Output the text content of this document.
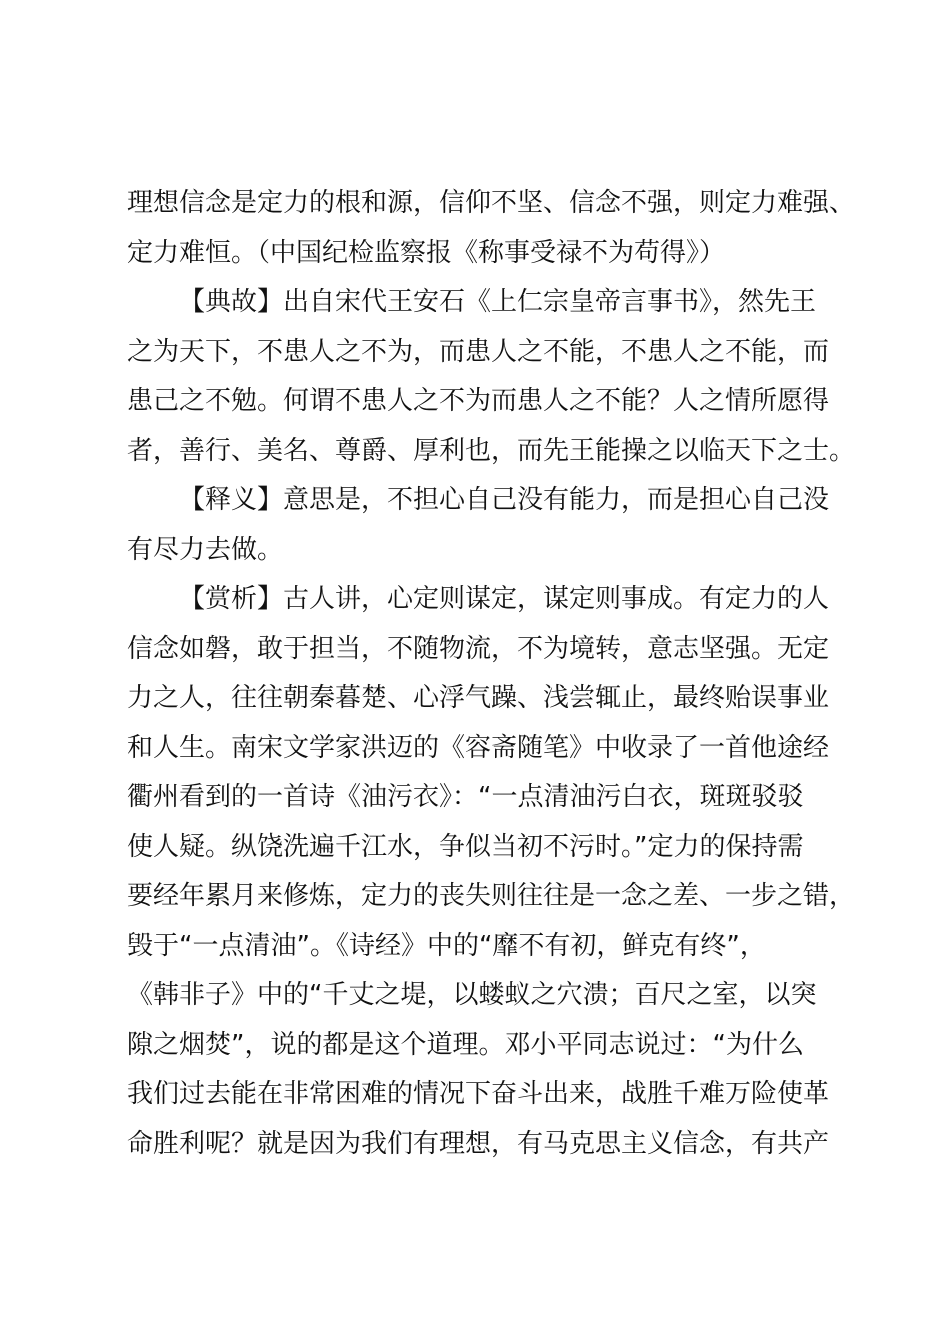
理想信念是定力的根和源，信仰不坚、信念不强，则定力难强、
定力难恒。（中国纪检监察报《称事受禄不为苟得》）
【典故】出自宋代王安石《上仁宗皇帝言事书》，然先王
之为天下，不患人之不为，而患人之不能，不患人之不能，而
患己之不勉。何谓不患人之不为而患人之不能？人之情所愿得
者，善行、美名、尊爵、厚利也，而先王能操之以临天下之士。
【释义】意思是，不担心自己没有能力，而是担心自己没
有尽力去做。
【赏析】古人讲，心定则谋定，谋定则事成。有定力的人
信念如磐，敢于担当，不随物流，不为境转，意志坚强。无定
力之人，往往朝秦暮楚、心浮气躁、浅尝辄止，最终贻误事业
和人生。南宋文学家洪迈的《容斋随笔》中收录了一首他途经
衢州看到的一首诗《油污衣》：“一点清油污白衣，斑斑驳驳
使人疑。纵饶洗遍千江水，争似当初不污时。”定力的保持需
要经年累月来修炼，定力的丧失则往往是一念之差、一步之错，
毁于“一点清油”。《诗经》中的“靡不有初，鲜克有终”，
《韩非子》中的“千丈之堤，以蝼蚁之穴溃；百尺之室，以突
隙之烟焚”，说的都是这个道理。邓小平同志说过：“为什么
我们过去能在非常困难的情况下奋斗出来，战胜千难万险使革
命胜利呢？就是因为我们有理想，有马克思主义信念，有共产
